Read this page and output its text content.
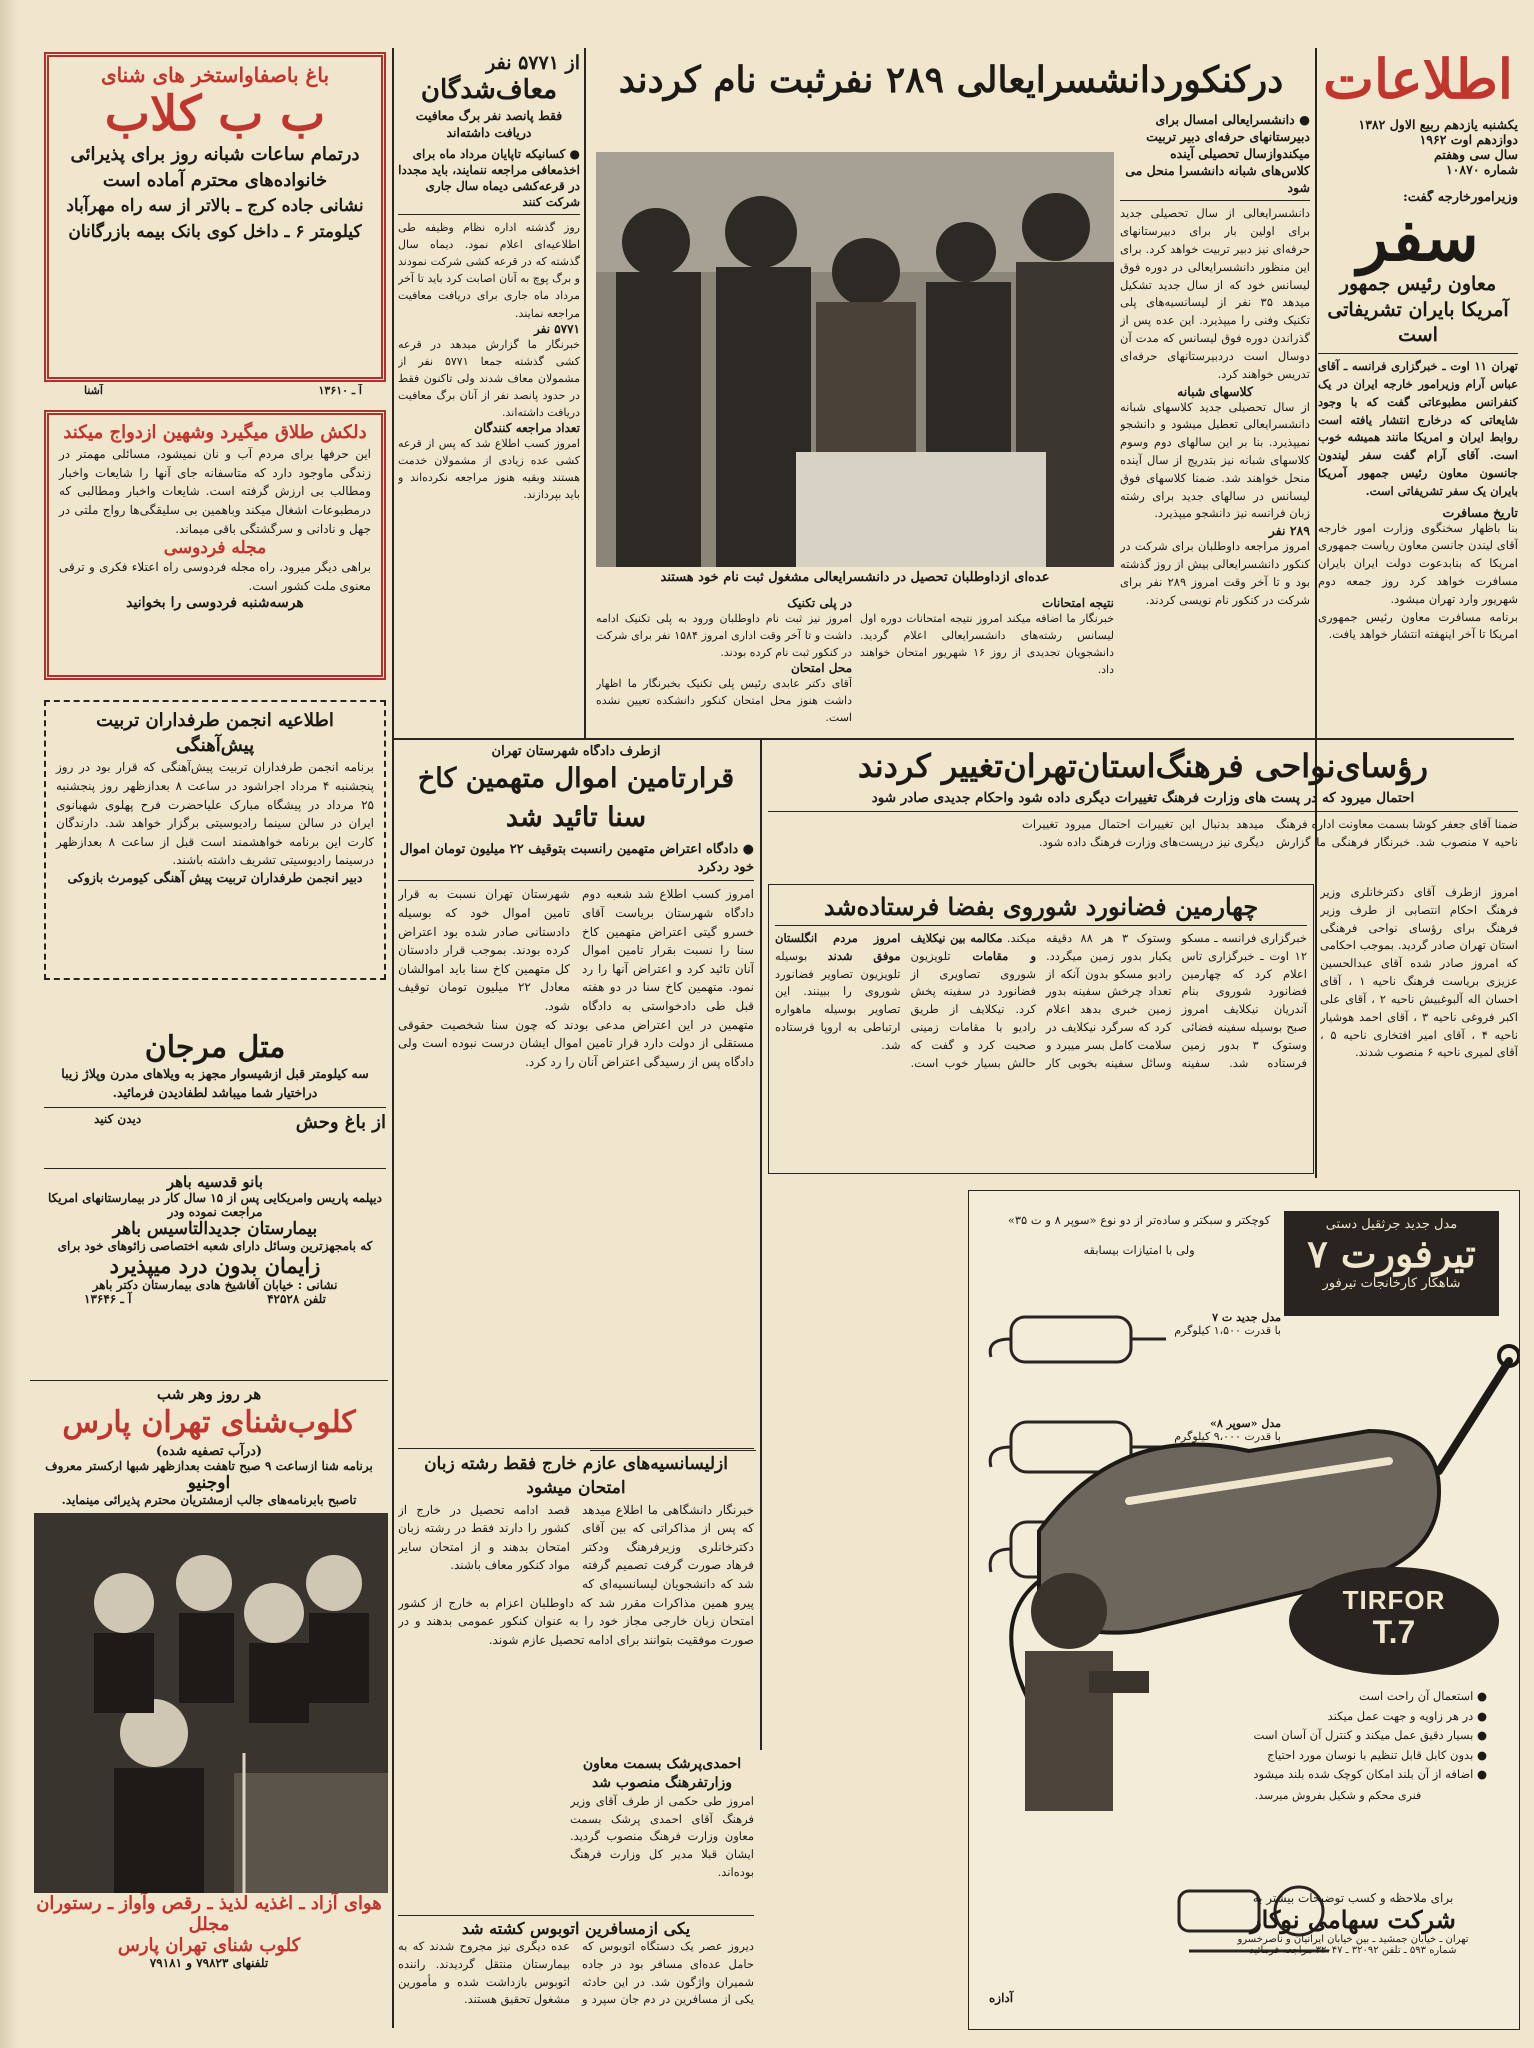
اطلاعات
یکشنبه یازدهم ربیع الاول ۱۳۸۲
دوازدهم اوت ۱۹۶۲
سال سی وهفتم
شماره ۱۰۸۷۰
وزیرامورخارجه گفت:
سفر
معاون رئیس جمهور آمریکا بایران تشریفاتی است
تهران ۱۱ اوت ـ خبرگزاری فرانسه ـ آقای عباس آرام وزیرامور خارجه ایران در یک کنفرانس مطبوعاتی گفت که با وجود شایعاتی که درخارج انتشار یافته است روابط ایران و امریکا مانند همیشه خوب است. آقای آرام گفت سفر لیندون جانسون معاون رئیس جمهور آمریکا بایران یک سفر تشریفاتی است.
تاریخ مسافرت
بنا باظهار سخنگوی وزارت امور خارجه آقای لیندن جانسن معاون ریاست جمهوری امریکا که بنابدعوت دولت ایران بایران مسافرت خواهد کرد روز جمعه دوم شهریور وارد تهران میشود.
برنامه مسافرت معاون رئیس جمهوری امریکا تا آخر اینهفته انتشار خواهد یافت.
درکنکوردانشسرایعالی ۲۸۹ نفرثبت نام کردند
● دانشسرایعالی امسال برای دبیرستانهای حرفه‌ای دبیر تربیت میکندوازسال تحصیلی آینده کلاس‌های شبانه دانشسرا منحل می شود
دانشسرایعالی از سال تحصیلی جدید برای اولین بار برای دبیرستانهای حرفه‌ای نیز دبیر تربیت خواهد کرد. برای این منظور دانشسرایعالی در دوره فوق لیسانس خود که از سال جدید تشکیل میدهد ۳۵ نفر از لیسانسیه‌های پلی تکنیک وفنی را میپذیرد. این عده پس از گذراندن دوره فوق لیسانس که مدت آن دوسال است دردبیرستانهای حرفه‌ای تدریس خواهند کرد.
کلاسهای شبانه
از سال تحصیلی جدید کلاسهای شبانه دانشسرایعالی تعطیل میشود و دانشجو نمیپذیرد. بنا بر این سالهای دوم وسوم کلاسهای شبانه نیز بتدریج از سال آینده منحل خواهند شد. ضمنا کلاسهای فوق لیسانس در سالهای جدید برای رشته زبان فرانسه نیز دانشجو میپذیرد.
۲۸۹ نفر
امروز مراجعه داوطلبان برای شرکت در کنکور دانشسرایعالی بیش از روز گذشته بود و تا آخر وقت امروز ۲۸۹ نفر برای شرکت در کنکور نام نویسی کردند.
عده‌ای ازداوطلبان تحصیل در دانشسرایعالی مشغول ثبت نام خود هستند
نتیجه امتحانات
خبرنگار ما اضافه میکند امروز نتیجه امتحانات دوره اول لیسانس رشته‌های دانشسرایعالی اعلام گردید. دانشجویان تجدیدی از روز ۱۶ شهریور امتحان خواهند داد.
در پلی تکنیک
امروز نیز ثبت نام داوطلبان ورود به پلی تکنیک ادامه داشت و تا آخر وقت اداری امروز ۱۵۸۴ نفر برای شرکت در کنکور ثبت نام کرده بودند.
محل امتحان
آقای دکتر عابدی رئیس پلی تکنیک بخبرنگار ما اظهار داشت هنوز محل امتحان کنکور دانشکده تعیین نشده است.
از ۵۷۷۱ نفر
معاف‌شدگان
فقط پانصد نفر برگ معافیت دریافت داشته‌اند
● کسانیکه تاپایان مرداد ماه برای اخذمعافی مراجعه ننمایند، باید مجددا در قرعه‌کشی دیماه سال جاری شرکت کنند
روز گذشته اداره نظام وظیفه طی اطلاعیه‌ای اعلام نمود. دیماه سال گذشته که در قرعه کشی شرکت نمودند و برگ پوچ به آنان اصابت کرد باید تا آخر مرداد ماه جاری برای دریافت معافیت مراجعه نمایند.
۵۷۷۱ نفر
خبرنگار ما گزارش میدهد در قرعه کشی گذشته جمعا ۵۷۷۱ نفر از مشمولان معاف شدند ولی تاکنون فقط در حدود پانصد نفر از آنان برگ معافیت دریافت داشته‌اند.
تعداد مراجعه کنندگان
امروز کسب اطلاع شد که پس از قرعه کشی عده زیادی از مشمولان خدمت هستند وبقیه هنوز مراجعه نکرده‌اند و باید بپردازند.
باغ باصفاواستخر های شنای
ب ب کلاب
درتمام ساعات شبانه روز برای پذیرائی خانواده‌های محترم آماده است
نشانی جاده کرج ـ بالاتر از سه راه مهرآباد کیلومتر ۶ ـ داخل کوی بانک بیمه بازرگانان
آ ـ ۱۳۶۱۰
آشنا
دلکش طلاق میگیرد وشهین ازدواج میکند
این حرفها برای مردم آب و نان نمیشود، مسائلی مهمتر در زندگی ماوجود دارد که متاسفانه جای آنها را شایعات واخبار ومطالب بی ارزش گرفته است. شایعات واخبار ومطالبی که درمطبوعات اشغال میکند وباهمین بی سلیقگی‌ها رواج ملتی در جهل و نادانی و سرگشتگی باقی میماند.
مجله فردوسی
براهی دیگر میرود. راه مجله فردوسی راه اعتلاء فکری و ترقی معنوی ملت کشور است.
هرسه‌شنبه فردوسی را بخوانید
اطلاعیه انجمن طرفداران تربیت پیش‌آهنگی
برنامه انجمن طرفداران تربیت پیش‌آهنگی که قرار بود در روز پنجشنبه ۴ مرداد اجراشود در ساعت ۸ بعدازظهر روز پنجشنبه ۲۵ مرداد در پیشگاه مبارک علیاحضرت فرح پهلوی شهبانوی ایران در سالن سینما رادیوسیتی برگزار خواهد شد. دارندگان کارت این برنامه خواهشمند است قبل از ساعت ۸ بعدازظهر درسینما رادیوسیتی تشریف داشته باشند.
دبیر انجمن طرفداران تربیت پیش آهنگی کیومرث بازوکی
متل مرجان
سه کیلومتر قبل ازشیسوار مجهز به ویلاهای مدرن وپلاژ زیبا دراختیار شما میباشد لطفادیدن فرمائید.
از باغ وحش
دیدن کنید
بانو قدسیه باهر
دیپلمه پاریس وامریکایی پس از ۱۵ سال کار در بیمارستانهای امریکا مراجعت نموده ودر
بیمارستان جدیدالتاسیس باهر
که بامجهزترین وسائل دارای شعبه اختصاصی زائوهای خود برای
زایمان بدون درد میپذیرد
نشانی : خیابان آقاشیخ هادی بیمارستان دکتر باهر
تلفن ۴۲۵۲۸
آ ـ ۱۳۶۴۶
هر روز وهر شب
کلوب‌شنای تهران‌ پارس
(درآب تصفیه شده)
برنامه شنا ازساعت ۹ صبح تاهفت بعدازظهر شبها ارکستر معروف
اوجنیو
تاصبح بابرنامه‌های جالب ازمشتریان محترم پذیرائی مینماید.
هوای آزاد ـ اغذیه لذیذ ـ رقص وآواز ـ رستوران مجلل
کلوب شنای تهران پارس
تلفنهای ۷۹۸۲۳ و ۷۹۱۸۱
ازطرف دادگاه شهرستان تهران
قرارتامین اموال متهمین کاخ سنا تائید شد
● دادگاه اعتراض متهمین رانسبت بتوقیف ۲۲ میلیون تومان اموال خود ردکرد
امروز کسب اطلاع شد شعبه دوم دادگاه شهرستان بریاست آقای خسرو گیتی اعتراض متهمین کاخ سنا را نسبت بقرار تامین اموال آنان تائید کرد و اعتراض آنها را رد نمود. متهمین کاخ سنا در دو هفته قبل طی دادخواستی به دادگاه شهرستان تهران نسبت به قرار تامین اموال خود که بوسیله دادستانی صادر شده بود اعتراض کرده بودند. بموجب قرار دادستان کل متهمین کاخ سنا باید اموالشان معادل ۲۲ میلیون تومان توقیف شود.
متهمین در این اعتراض مدعی بودند که چون سنا شخصیت حقوقی مستقلی از دولت دارد قرار تامین اموال ایشان درست نبوده است ولی دادگاه پس از رسیدگی اعتراض آنان را رد کرد.
ازلیسانسیه‌های عازم خارج فقط رشته زبان امتحان میشود
خبرنگار دانشگاهی ما اطلاع میدهد که پس از مذاکراتی که بین آقای دکترخانلری وزیرفرهنگ ودکتر فرهاد صورت گرفت تصمیم گرفته شد که دانشجویان لیسانسیه‌ای که قصد ادامه تحصیل در خارج از کشور را دارند فقط در رشته زبان امتحان بدهند و از امتحان سایر مواد کنکور معاف باشند.
پیرو همین مذاکرات مقرر شد که داوطلبان اعزام به خارج از کشور امتحان زبان خارجی مجاز خود را به عنوان کنکور عمومی بدهند و در صورت موفقیت بتوانند برای ادامه تحصیل عازم شوند.
احمدی‌پرشک بسمت معاون وزارتفرهنگ منصوب شد
امروز طی حکمی از طرف آقای وزیر فرهنگ آقای احمدی پرشک بسمت معاون وزارت فرهنگ منصوب گردید. ایشان قبلا مدیر کل وزارت فرهنگ بوده‌اند.
یکی ازمسافرین اتوبوس کشته شد
دیروز عصر یک دستگاه اتوبوس که حامل عده‌ای مسافر بود در جاده شمیران واژگون شد. در این حادثه یکی از مسافرین در دم جان سپرد و عده دیگری نیز مجروح شدند که به بیمارستان منتقل گردیدند. راننده اتوبوس بازداشت شده و مأمورین مشغول تحقیق هستند.
رؤسای‌نواحی فرهنگ‌استان‌تهران‌تغییر کردند
احتمال میرود که در پست های وزارت فرهنگ تغییرات دیگری داده شود واحکام جدیدی صادر شود
ضمنا آقای جعفر کوشا بسمت معاونت اداره فرهنگ ناحیه ۷ منصوب شد. خبرنگار فرهنگی ما گزارش میدهد بدنبال این تغییرات احتمال میرود تغییرات دیگری نیز درپست‌های وزارت فرهنگ داده شود.
امروز ازطرف آقای دکترخانلری وزیر فرهنگ احکام انتصابی از طرف وزیر فرهنگ برای رؤسای نواحی فرهنگی استان تهران صادر گردید. بموجب احکامی که امروز صادر شده آقای عبدالحسین عزیزی بریاست فرهنگ ناحیه ۱ ، آقای احسان اله آلبوغبیش ناحیه ۲ ، آقای علی اکبر فروغی ناحیه ۳ ، آقای احمد هوشیار ناحیه ۴ ، آقای امیر افتخاری ناحیه ۵ ، آقای لمیری ناحیه ۶ منصوب شدند.
چهارمین فضانورد شوروی بفضا فرستاده‌شد
خبرگزاری فرانسه ـ مسکو ۱۲ اوت ـ خبرگزاری تاس اعلام کرد که چهارمین فضانورد شوروی بنام آندریان نیکلایف امروز صبح بوسیله سفینه فضائی وستوک ۳ بدور زمین فرستاده شد. سفینه وستوک ۳ هر ۸۸ دقیقه یکبار بدور زمین میگردد. رادیو مسکو بدون آنکه از تعداد چرخش سفینه بدور زمین خبری بدهد اعلام کرد که سرگرد نیکلایف در سلامت کامل بسر میبرد و وسائل سفینه بخوبی کار میکند. مکالمه بین نیکلایف و مقامات تلویزیون شوروی تصاویری از فضانورد در سفینه پخش کرد. نیکلایف از طریق رادیو با مقامات زمینی صحبت کرد و گفت که حالش بسیار خوب است. امروز مردم انگلستان موفق شدند بوسیله تلویزیون تصاویر فضانورد شوروی را ببینند. این تصاویر بوسیله ماهواره ارتباطی به اروپا فرستاده شد.
مدل جدید جرثقیل دستی
تیرفورت ۷
شاهکار کارخانجات تیرفور
کوچکتر و سبکتر و ساده‌تر از دو نوع «سوپر ۸ و ت ۳۵»
ولی با امتیازات بیسابقه
مدل جدید ت ۷
با قدرت ۱،۵۰۰ کیلوگرم
مدل «سوپر ۸»
با قدرت ۹،۰۰۰ کیلوگرم
TIRFOR
T.7
● استعمال آن راحت است
● در هر زاویه و جهت عمل میکند
● بسیار دقیق عمل میکند و کنترل آن آسان است
● بدون کابل قابل تنظیم با نوسان مورد احتیاج
● اضافه از آن بلند امکان کوچک شده بلند میشود
فنری محکم و شکیل بفروش میرسد.
برای ملاحظه و کسب توضیحات بیشتر به
شرکت سهامی نوکار
تهران ـ خیابان جمشید ـ بین خیابان ایرانیان و ناصرخسرو
شماره ۵۹۳ ـ تلفن ۳۲۰۹۲ ـ ۳۲۰۴۷ مراجعه فرمائید
آدازه
